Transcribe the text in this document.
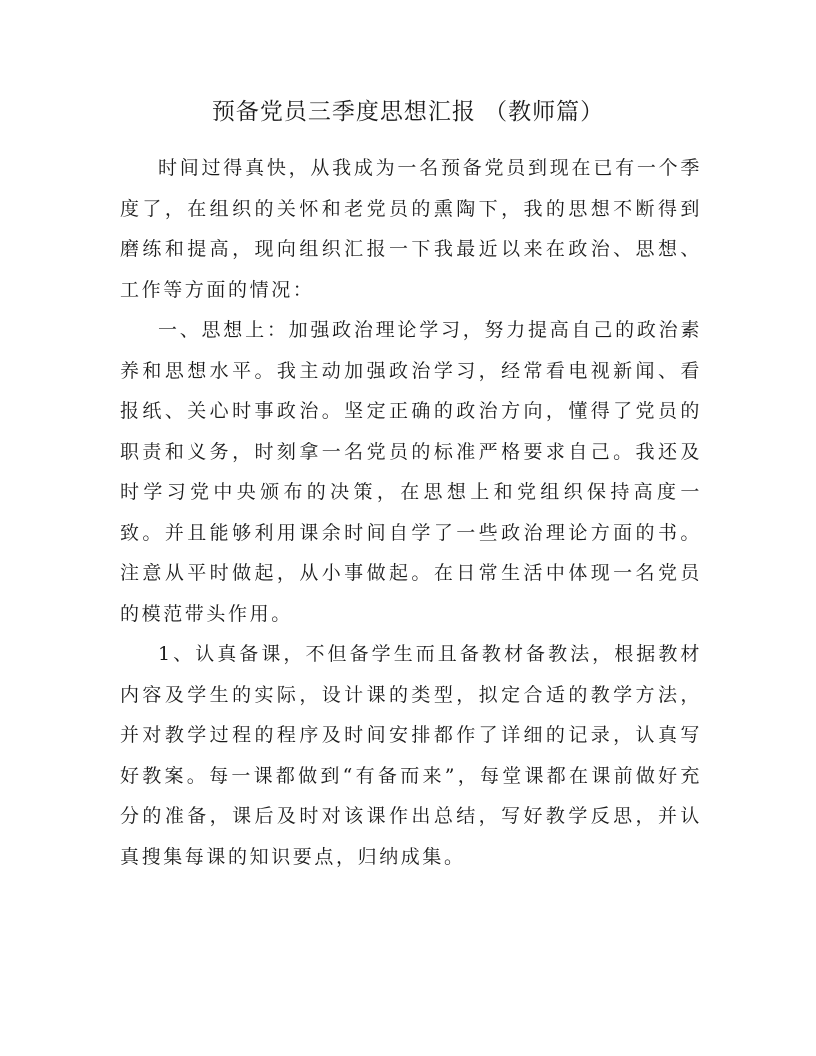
预备党员三季度思想汇报 （教师篇）

时间过得真快，从我成为一名预备党员到现在已有一个季度了，在组织的关怀和老党员的熏陶下，我的思想不断得到磨练和提高，现向组织汇报一下我最近以来在政治、思想、工作等方面的情况：

一、思想上：加强政治理论学习，努力提高自己的政治素养和思想水平。我主动加强政治学习，经常看电视新闻、看报纸、关心时事政治。坚定正确的政治方向，懂得了党员的职责和义务，时刻拿一名党员的标准严格要求自己。我还及时学习党中央颁布的决策，在思想上和党组织保持高度一致。并且能够利用课余时间自学了一些政治理论方面的书。注意从平时做起，从小事做起。在日常生活中体现一名党员的模范带头作用。

1、认真备课，不但备学生而且备教材备教法，根据教材内容及学生的实际，设计课的类型，拟定合适的教学方法，并对教学过程的程序及时间安排都作了详细的记录，认真写好教案。每一课都做到“有备而来”，每堂课都在课前做好充分的准备，课后及时对该课作出总结，写好教学反思，并认真搜集每课的知识要点，归纳成集。
